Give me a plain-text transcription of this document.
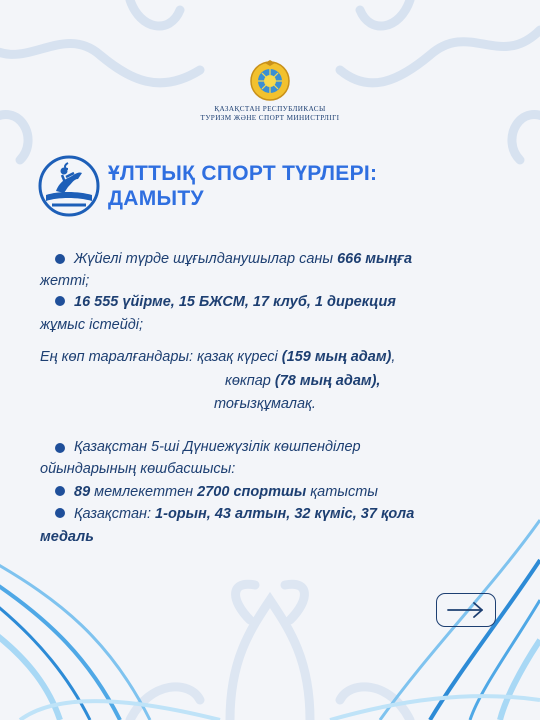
ҚАЗАҚСТАН РЕСПУБЛИКАСЫ
ТУРИЗМ ЖӘНЕ СПОРТ МИНИСТРЛІГІ
ҰЛТТЫҚ СПОРТ ТҮРЛЕРІ:
ДАМЫТУ
Жүйелі түрде шұғылданушылар саны 666 мыңға
жетті;
16 555 үйірме, 15 БЖСМ, 17 клуб, 1 дирекция
жұмыс істейді;
Ең көп таралғандары: қазақ күресі (159 мың адам),
көкпар (78 мың адам),
тоғызқұмалақ.
Қазақстан 5-ші Дүниежүзілік көшпенділер
ойындарының көшбасшысы:
89 мемлекеттен 2700 спортшы қатысты
Қазақстан: 1-орын, 43 алтын, 32 күміс, 37 қола
медаль
